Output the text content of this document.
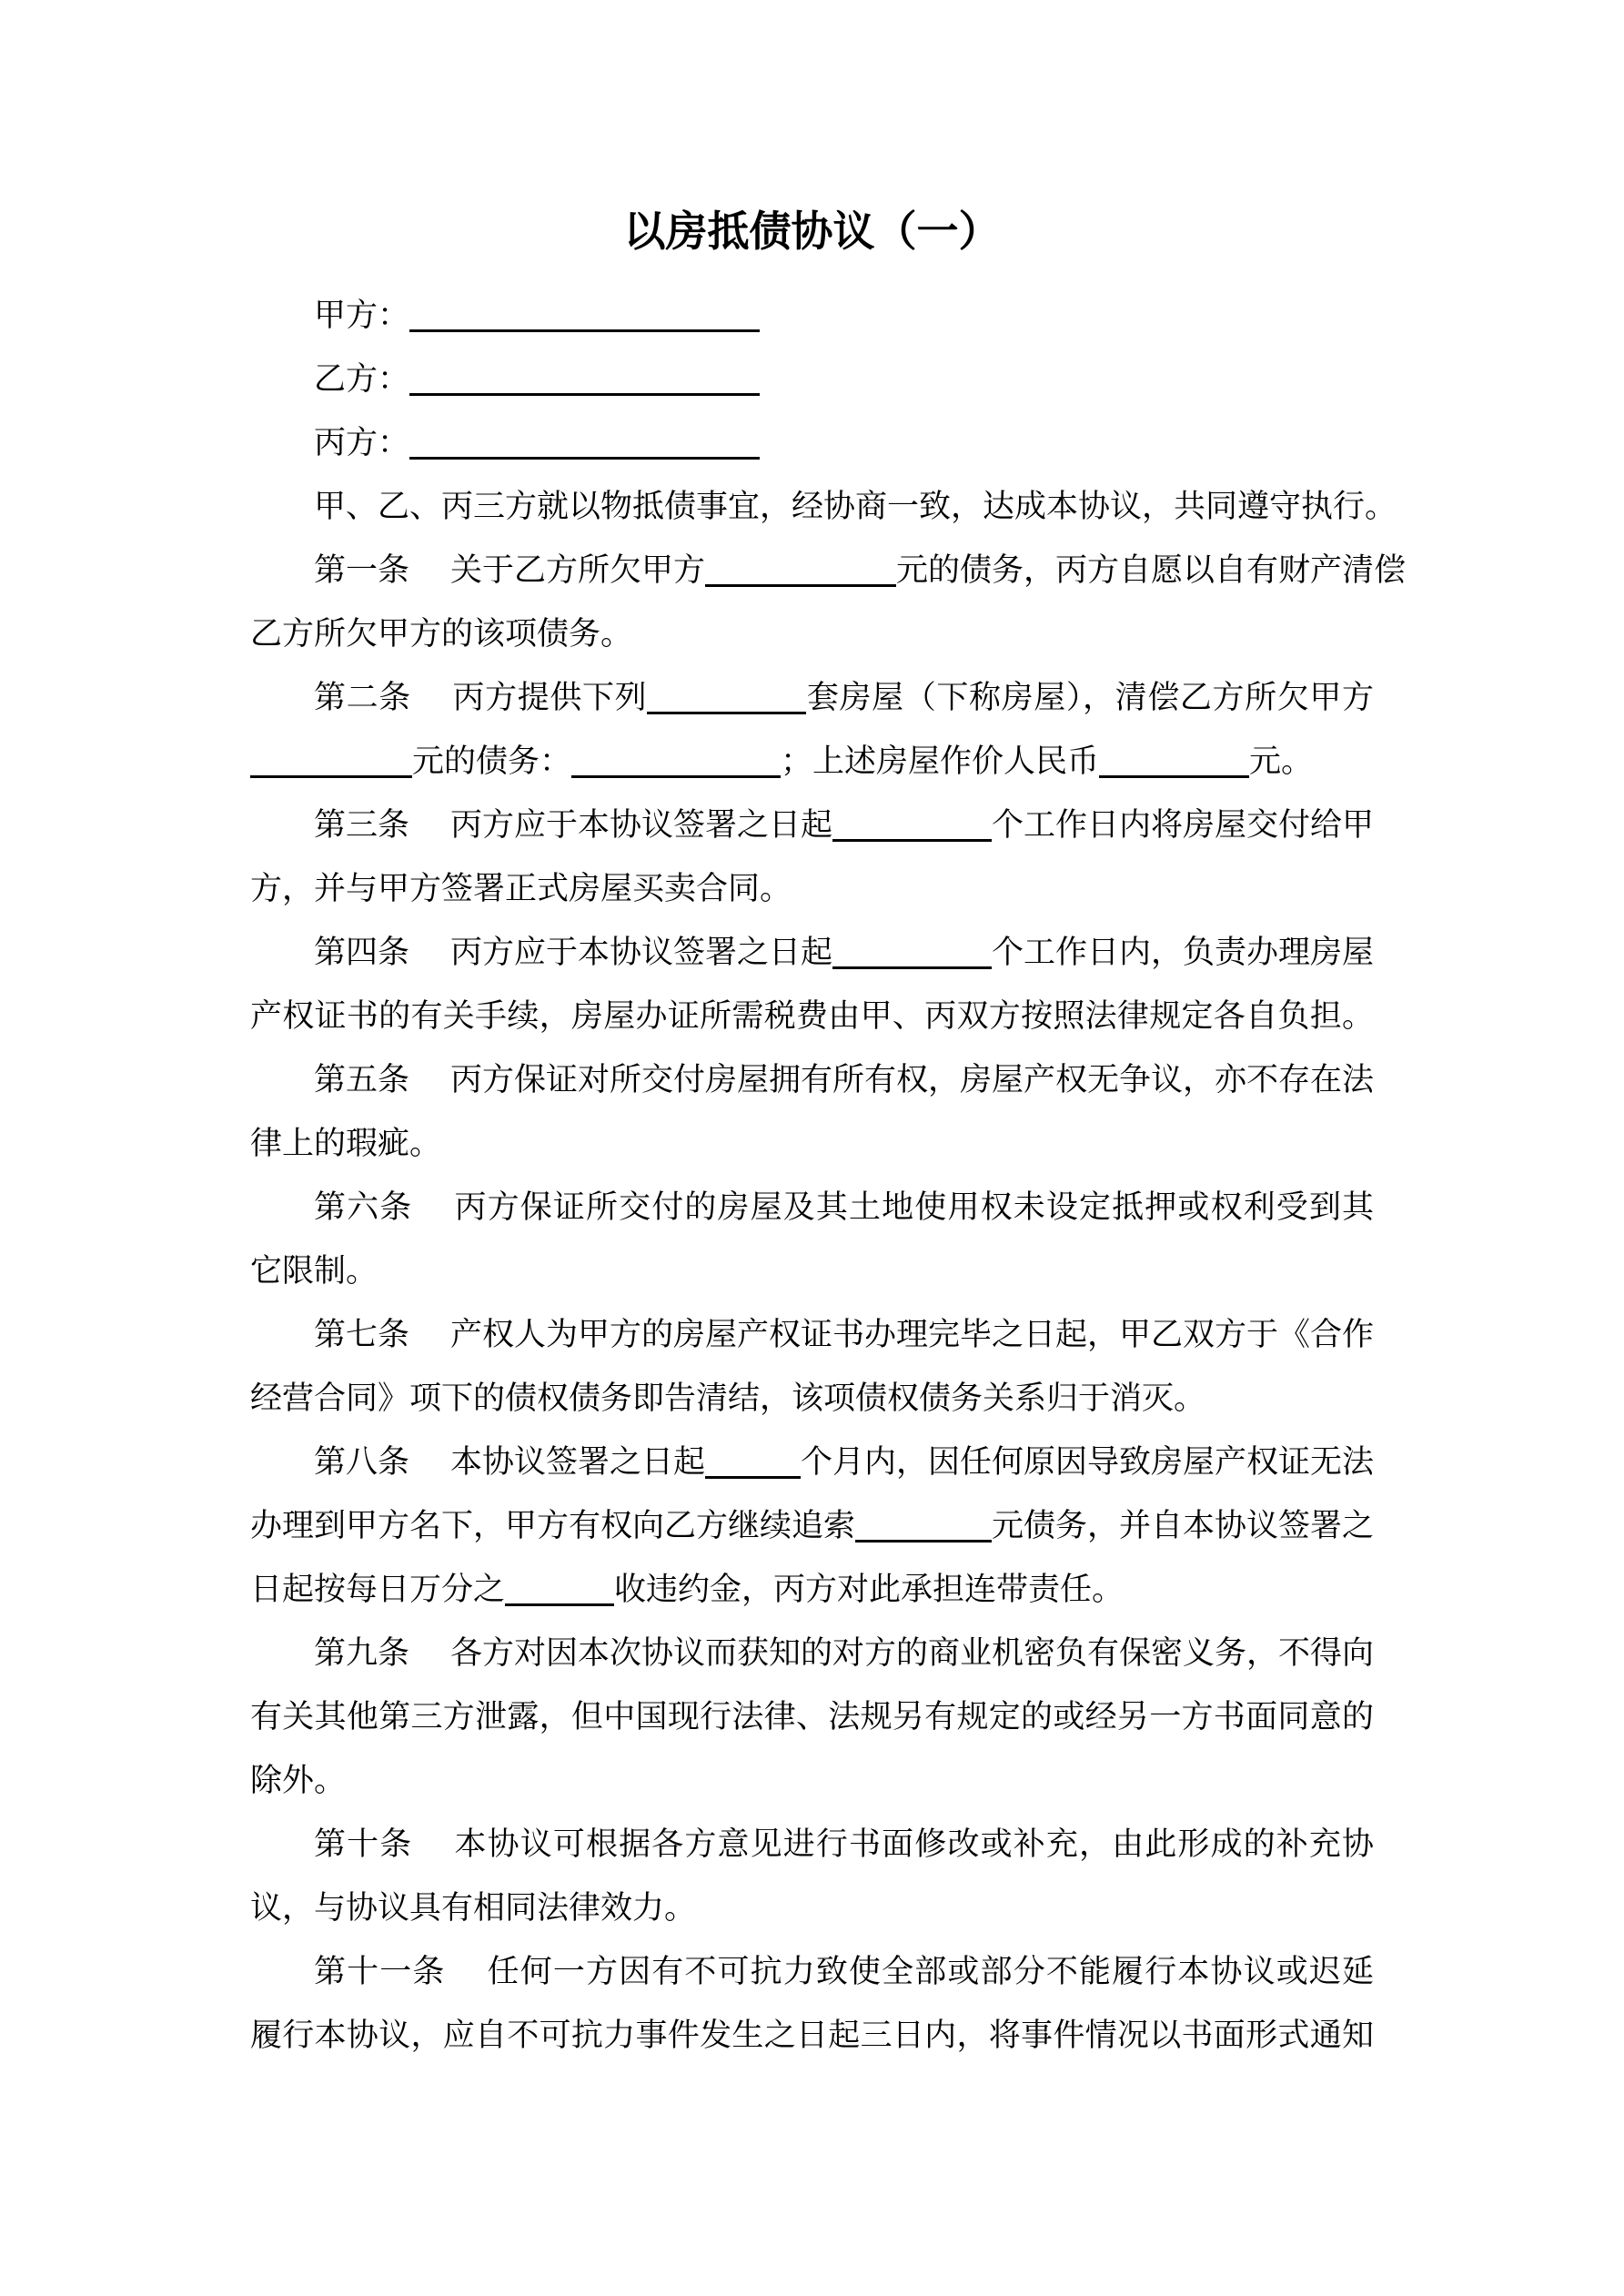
以房抵债协议（一）
甲方：
乙方：
丙方：
甲、乙、丙三方就以物抵债事宜，经协商一致，达成本协议，共同遵守执行。
第一条 关于乙方所欠甲方	元的债务，丙方自愿以自有财产清偿
乙方所欠甲方的该项债务。
第二条 丙方提供下列	套房屋（下称房屋），清偿乙方所欠甲方
元的债务：	；上述房屋作价人民币	元。
第三条 丙方应于本协议签署之日起	个工作日内将房屋交付给甲
方，并与甲方签署正式房屋买卖合同。
第四条 丙方应于本协议签署之日起	个工作日内，负责办理房屋
产权证书的有关手续，房屋办证所需税费由甲、丙双方按照法律规定各自负担。
第五条 丙方保证对所交付房屋拥有所有权，房屋产权无争议，亦不存在法
律上的瑕疵。
第六条 丙方保证所交付的房屋及其土地使用权未设定抵押或权利受到其
它限制。
第七条 产权人为甲方的房屋产权证书办理完毕之日起，甲乙双方于《合作
经营合同》项下的债权债务即告清结，该项债权债务关系归于消灭。
第八条 本协议签署之日起	个月内，因任何原因导致房屋产权证无法
办理到甲方名下，甲方有权向乙方继续追索	元债务，并自本协议签署之
日起按每日万分之	收违约金，丙方对此承担连带责任。
第九条 各方对因本次协议而获知的对方的商业机密负有保密义务，不得向
有关其他第三方泄露，但中国现行法律、法规另有规定的或经另一方书面同意的
除外。
第十条 本协议可根据各方意见进行书面修改或补充，由此形成的补充协
议，与协议具有相同法律效力。
第十一条 任何一方因有不可抗力致使全部或部分不能履行本协议或迟延
履行本协议，应自不可抗力事件发生之日起三日内，将事件情况以书面形式通知
